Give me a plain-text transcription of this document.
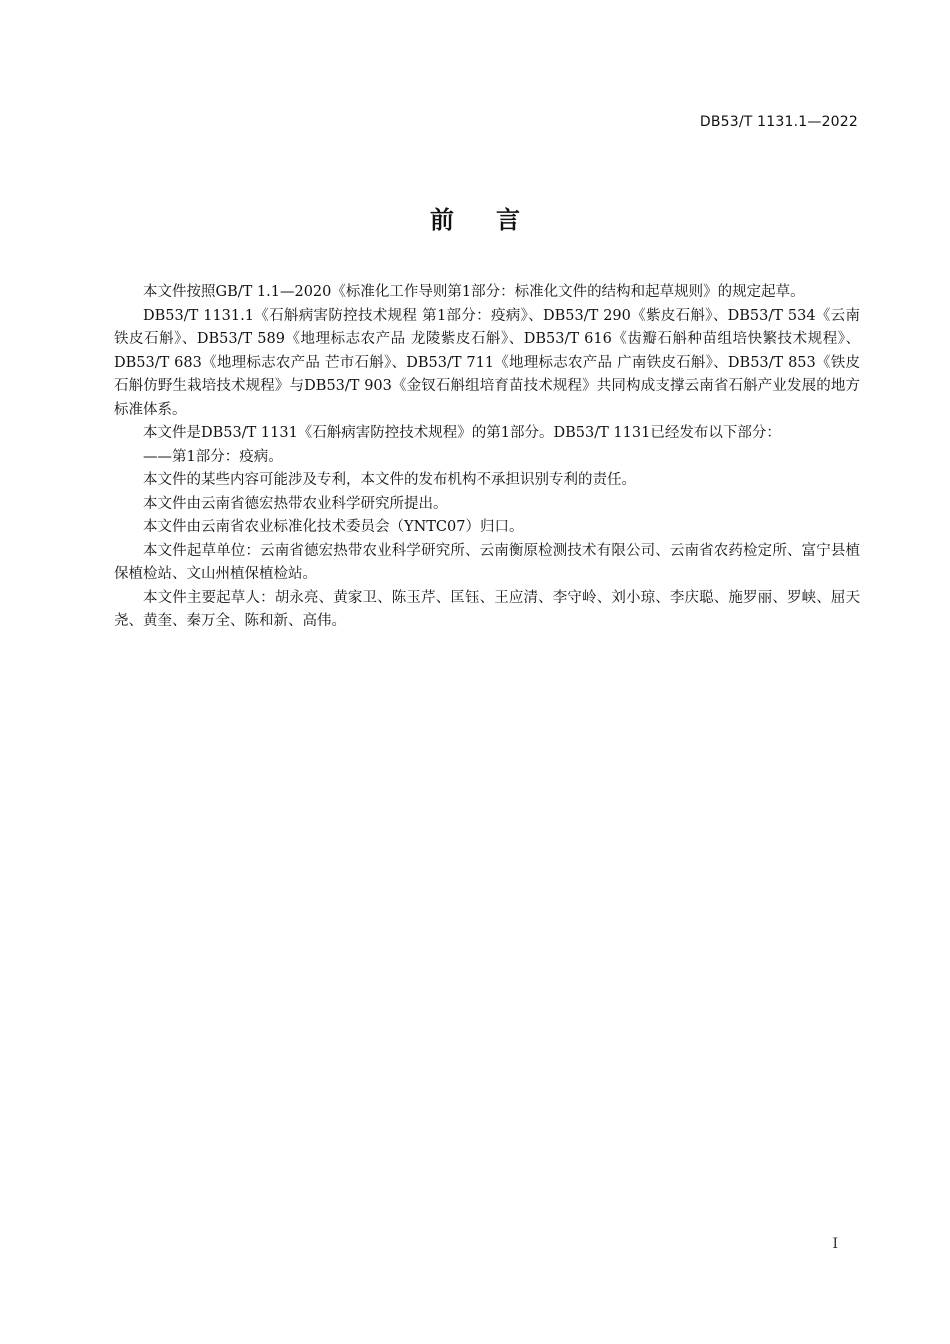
DB53/T 1131.1—2022
前言

本文件按照GB/T 1.1—2020《标准化工作导则第1部分：标准化文件的结构和起草规则》的规定起草。

DB53/T 1131.1《石斛病害防控技术规程 第1部分：疫病》、DB53/T 290《紫皮石斛》、DB53/T 534《云南铁皮石斛》、DB53/T 589《地理标志农产品 龙陵紫皮石斛》、DB53/T 616《齿瓣石斛种苗组培快繁技术规程》、DB53/T 683《地理标志农产品 芒市石斛》、DB53/T 711《地理标志农产品 广南铁皮石斛》、DB53/T 853《铁皮石斛仿野生栽培技术规程》与DB53/T 903《金钗石斛组培育苗技术规程》共同构成支撑云南省石斛产业发展的地方标准体系。

本文件是DB53/T 1131《石斛病害防控技术规程》的第1部分。DB53/T 1131已经发布以下部分：

——第1部分：疫病。

本文件的某些内容可能涉及专利，本文件的发布机构不承担识别专利的责任。

本文件由云南省德宏热带农业科学研究所提出。

本文件由云南省农业标准化技术委员会（YNTC07）归口。

本文件起草单位：云南省德宏热带农业科学研究所、云南衡原检测技术有限公司、云南省农药检定所、富宁县植保植检站、文山州植保植检站。

本文件主要起草人：胡永亮、黄家卫、陈玉芹、匡钰、王应清、李守岭、刘小琼、李庆聪、施罗丽、罗峡、屈天尧、黄奎、秦万全、陈和新、高伟。

I
